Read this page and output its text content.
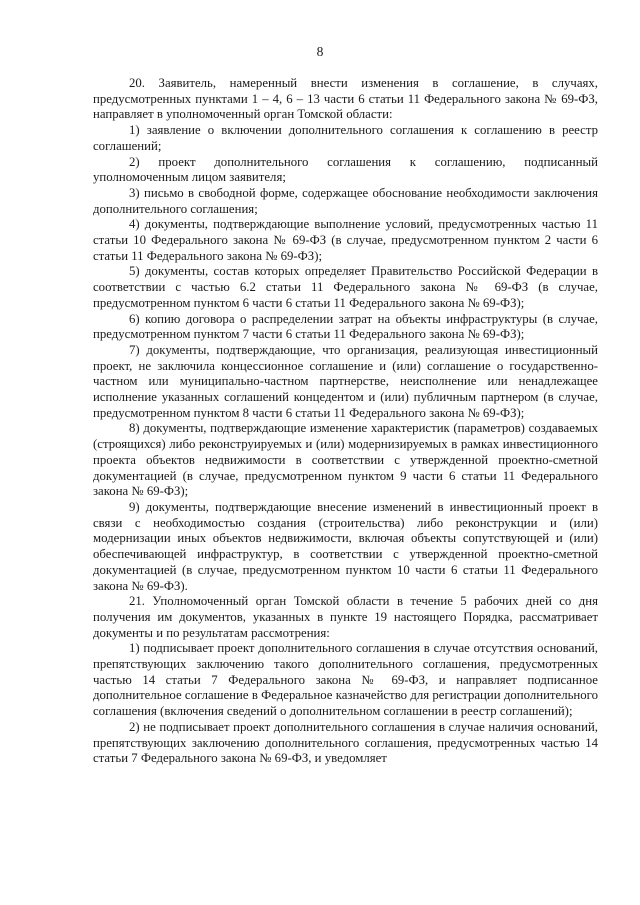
8

20. Заявитель, намеренный внести изменения в соглашение, в случаях, предусмотренных пунктами 1 – 4, 6 – 13 части 6 статьи 11 Федерального закона № 69-ФЗ, направляет в уполномоченный орган Томской области:

1) заявление о включении дополнительного соглашения к соглашению в реестр соглашений;

2) проект дополнительного соглашения к соглашению, подписанный уполномоченным лицом заявителя;

3) письмо в свободной форме, содержащее обоснование необходимости заключения дополнительного соглашения;

4) документы, подтверждающие выполнение условий, предусмотренных частью 11 статьи 10 Федерального закона № 69-ФЗ (в случае, предусмотренном пунктом 2 части 6 статьи 11 Федерального закона № 69-ФЗ);

5) документы, состав которых определяет Правительство Российской Федерации в соответствии с частью 6.2 статьи 11 Федерального закона № 69-ФЗ (в случае, предусмотренном пунктом 6 части 6 статьи 11 Федерального закона № 69-ФЗ);

6) копию договора о распределении затрат на объекты инфраструктуры (в случае, предусмотренном пунктом 7 части 6 статьи 11 Федерального закона № 69-ФЗ);

7) документы, подтверждающие, что организация, реализующая инвестиционный проект, не заключила концессионное соглашение и (или) соглашение о государственно-частном или муниципально-частном партнерстве, неисполнение или ненадлежащее исполнение указанных соглашений концедентом и (или) публичным партнером (в случае, предусмотренном пунктом 8 части 6 статьи 11 Федерального закона № 69-ФЗ);

8) документы, подтверждающие изменение характеристик (параметров) создаваемых (строящихся) либо реконструируемых и (или) модернизируемых в рамках инвестиционного проекта объектов недвижимости в соответствии с утвержденной проектно-сметной документацией (в случае, предусмотренном пунктом 9 части 6 статьи 11 Федерального закона № 69-ФЗ);

9) документы, подтверждающие внесение изменений в инвестиционный проект в связи с необходимостью создания (строительства) либо реконструкции и (или) модернизации иных объектов недвижимости, включая объекты сопутствующей и (или) обеспечивающей инфраструктур, в соответствии с утвержденной проектно-сметной документацией (в случае, предусмотренном пунктом 10 части 6 статьи 11 Федерального закона № 69-ФЗ).

21. Уполномоченный орган Томской области в течение 5 рабочих дней со дня получения им документов, указанных в пункте 19 настоящего Порядка, рассматривает документы и по результатам рассмотрения:

1) подписывает проект дополнительного соглашения в случае отсутствия оснований, препятствующих заключению такого дополнительного соглашения, предусмотренных частью 14 статьи 7 Федерального закона № 69-ФЗ, и направляет подписанное дополнительное соглашение в Федеральное казначейство для регистрации дополнительного соглашения (включения сведений о дополнительном соглашении в реестр соглашений);

2) не подписывает проект дополнительного соглашения в случае наличия оснований, препятствующих заключению дополнительного соглашения, предусмотренных частью 14 статьи 7 Федерального закона № 69-ФЗ, и уведомляет
